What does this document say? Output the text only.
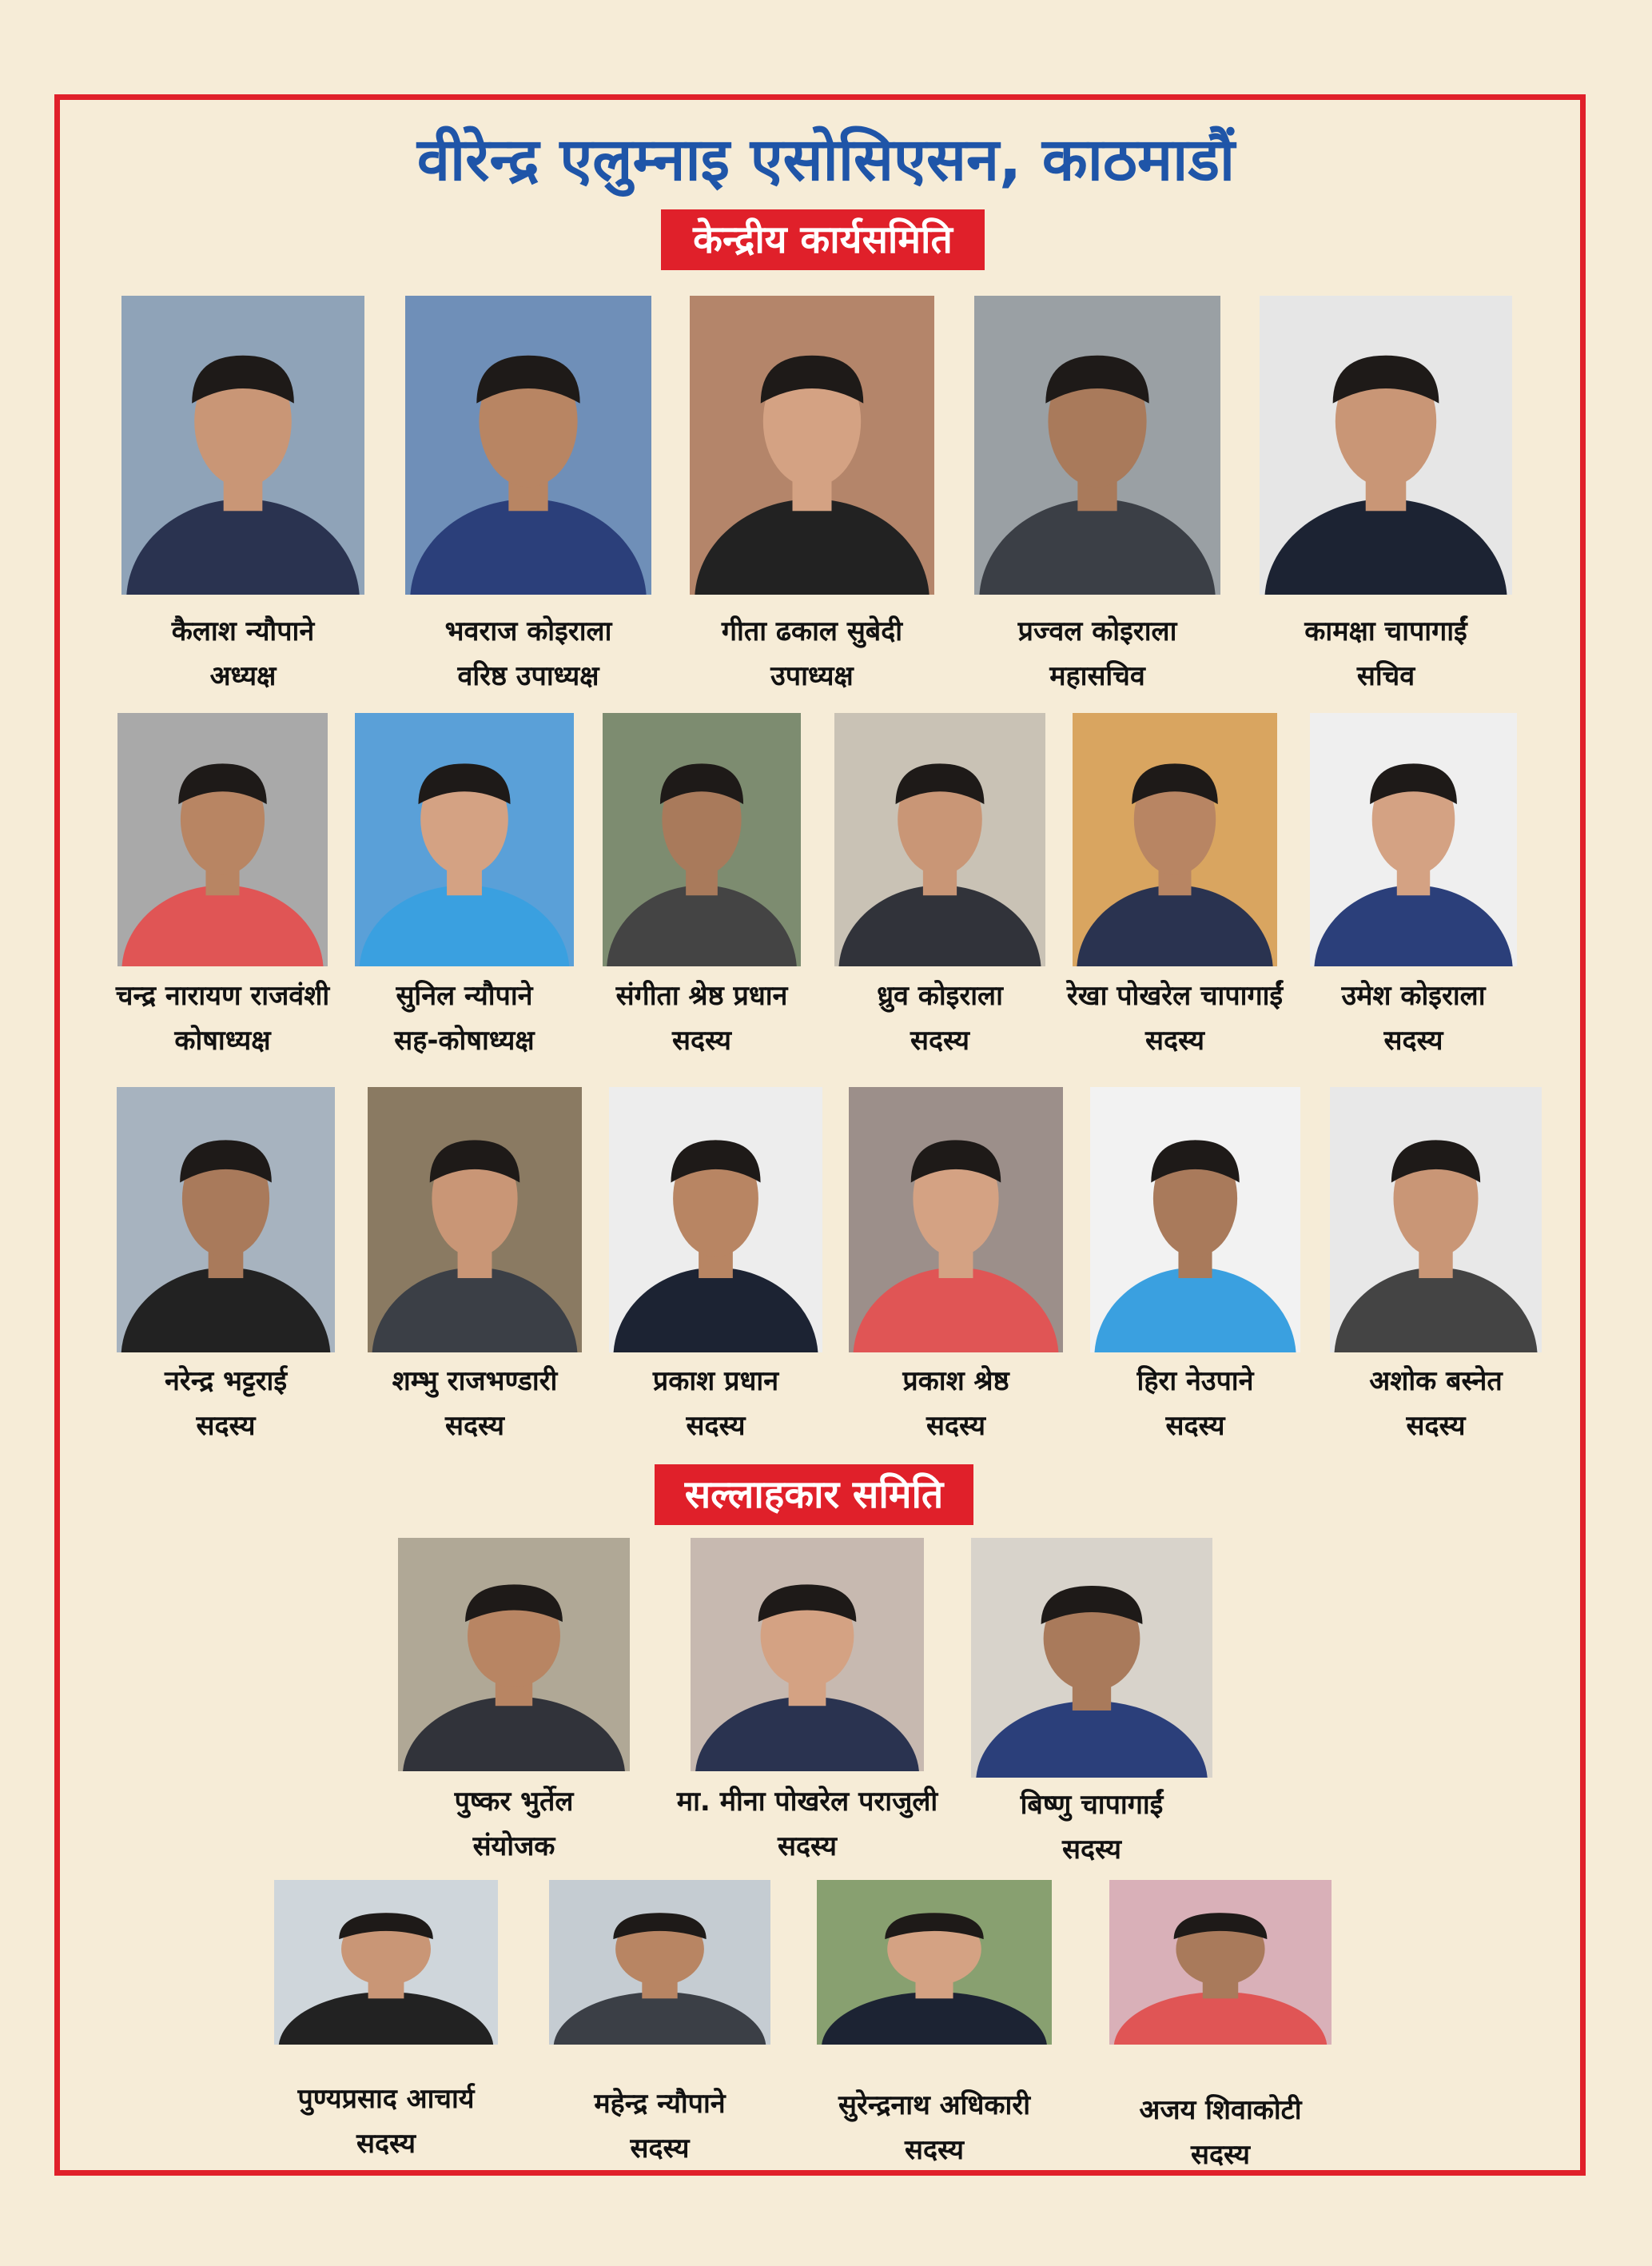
वीरेन्द्र एलुम्नाइ एसोसिएसन, काठमाडौं
केन्द्रीय कार्यसमिति
सल्लाहकार समिति
कैलाश न्यौपाने
अध्यक्ष
भवराज कोइराला
वरिष्ठ उपाध्यक्ष
गीता ढकाल सुबेदी
उपाध्यक्ष
प्रज्वल कोइराला
महासचिव
कामक्षा चापागाईं
सचिव
चन्द्र नारायण राजवंशी
कोषाध्यक्ष
सुनिल न्यौपाने
सह-कोषाध्यक्ष
संगीता श्रेष्ठ प्रधान
सदस्य
ध्रुव कोइराला
सदस्य
रेखा पोखरेल चापागाईं
सदस्य
उमेश कोइराला
सदस्य
नरेन्द्र भट्टराई
सदस्य
शम्भु राजभण्डारी
सदस्य
प्रकाश प्रधान
सदस्य
प्रकाश श्रेष्ठ
सदस्य
हिरा नेउपाने
सदस्य
अशोक बस्नेत
सदस्य
पुष्कर भुर्तेल
संयोजक
मा. मीना पोखरेल पराजुली
सदस्य
बिष्णु चापागाईं
सदस्य
पुण्यप्रसाद आचार्य
सदस्य
महेन्द्र न्यौपाने
सदस्य
सुरेन्द्रनाथ अधिकारी
सदस्य
अजय शिवाकोटी
सदस्य
